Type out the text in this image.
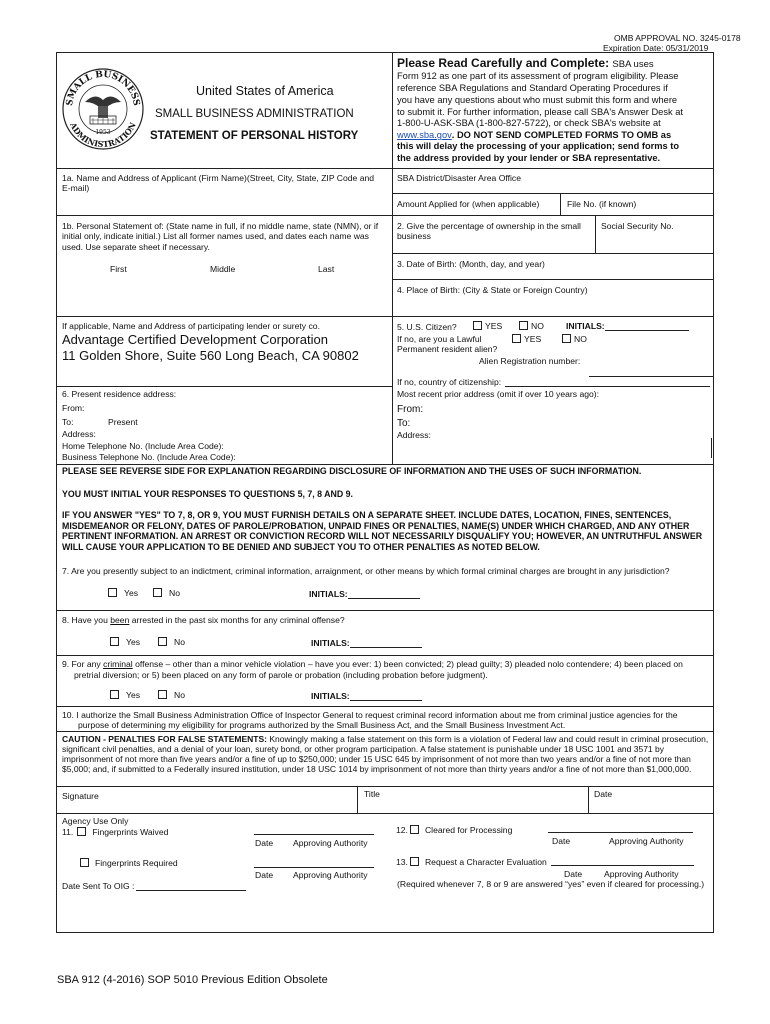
OMB APPROVAL NO. 3245-0178
Expiration Date: 05/31/2019
SMALL BUSINESS
ADMINISTRATION
1953
United States of America
SMALL BUSINESS ADMINISTRATION
STATEMENT OF PERSONAL HISTORY
Please Read Carefully and Complete: SBA uses
Form 912 as one part of its assessment of program eligibility. Please
reference SBA Regulations and Standard Operating Procedures if
you have any questions about who must submit this form and where
to submit it. For further information, please call SBA's Answer Desk at
1-800-U-ASK-SBA (1-800-827-5722), or check SBA's website at
www.sba.gov. DO NOT SEND COMPLETED FORMS TO OMB as
this will delay the processing of your application; send forms to
the address provided by your lender or SBA representative.
1a. Name and Address of Applicant (Firm Name)(Street, City, State, ZIP Code and E-mail)
SBA District/Disaster Area Office
Amount Applied for (when applicable)	File No. (if known)
1b. Personal Statement of: (State name in full, if no middle name, state (NMN), or if initial only, indicate initial.) List all former names used, and dates each name was used. Use separate sheet if necessary.
First	Middle	Last
2. Give the percentage of ownership in the small business
Social Security No.
3. Date of Birth: (Month, day, and year)
4. Place of Birth: (City & State or Foreign Country)
If applicable, Name and Address of participating lender or surety co.
Advantage Certified Development Corporation
11 Golden Shore, Suite 560 Long Beach, CA 90802
5. U.S. Citizen?	YES	NO	INITIALS:
If no, are you a Lawful
Permanent resident alien?
YES	NO
Alien Registration number:
If no, country of citizenship:
6. Present residence address:
From:
To:	Present
Address:
Home Telephone No. (Include Area Code):
Business Telephone No. (Include Area Code):
Most recent prior address (omit if over 10 years ago):
From:
To:
Address:
PLEASE SEE REVERSE SIDE FOR EXPLANATION REGARDING DISCLOSURE OF INFORMATION AND THE USES OF SUCH INFORMATION.
YOU MUST INITIAL YOUR RESPONSES TO QUESTIONS 5, 7, 8 AND 9.
IF YOU ANSWER "YES" TO 7, 8, OR 9, YOU MUST FURNISH DETAILS ON A SEPARATE SHEET. INCLUDE DATES, LOCATION, FINES, SENTENCES, MISDEMEANOR OR FELONY, DATES OF PAROLE/PROBATION, UNPAID FINES OR PENALTIES, NAME(S) UNDER WHICH CHARGED, AND ANY OTHER PERTINENT INFORMATION. AN ARREST OR CONVICTION RECORD WILL NOT NECESSARILY DISQUALIFY YOU; HOWEVER, AN UNTRUTHFUL ANSWER WILL CAUSE YOUR APPLICATION TO BE DENIED AND SUBJECT YOU TO OTHER PENALTIES AS NOTED BELOW.
7. Are you presently subject to an indictment, criminal information, arraignment, or other means by which formal criminal charges are brought in any jurisdiction?
Yes	No	INITIALS:
8. Have you been arrested in the past six months for any criminal offense?
Yes	No	INITIALS:
9. For any criminal offense – other than a minor vehicle violation – have you ever: 1) been convicted; 2) plead guilty; 3) pleaded nolo contendere; 4) been placed on
pretrial diversion; or 5) been placed on any form of parole or probation (including probation before judgment).
Yes	No	INITIALS:
10. I authorize the Small Business Administration Office of Inspector General to request criminal record information about me from criminal justice agencies for the
purpose of determining my eligibility for programs authorized by the Small Business Act, and the Small Business Investment Act.
CAUTION - PENALTIES FOR FALSE STATEMENTS: Knowingly making a false statement on this form is a violation of Federal law and could result in criminal prosecution, significant civil penalties, and a denial of your loan, surety bond, or other program participation. A false statement is punishable under 18 USC 1001 and 3571 by imprisonment of not more than five years and/or a fine of up to $250,000; under 15 USC 645 by imprisonment of not more than two years and/or a fine of not more than $5,000; and, if submitted to a Federally insured institution, under 18 USC 1014 by imprisonment of not more than thirty years and/or a fine of not more than $1,000,000.
Signature	Title	Date
Agency Use Only
11. Fingerprints Waived
Date Approving Authority
Fingerprints Required
Date Approving Authority
Date Sent To OIG :
12. Cleared for Processing
Date	Approving Authority
13. Request a Character Evaluation
Date	Approving Authority
(Required whenever 7, 8 or 9 are answered “yes” even if cleared for processing.)
SBA 912 (4-2016) SOP 5010 Previous Edition Obsolete
